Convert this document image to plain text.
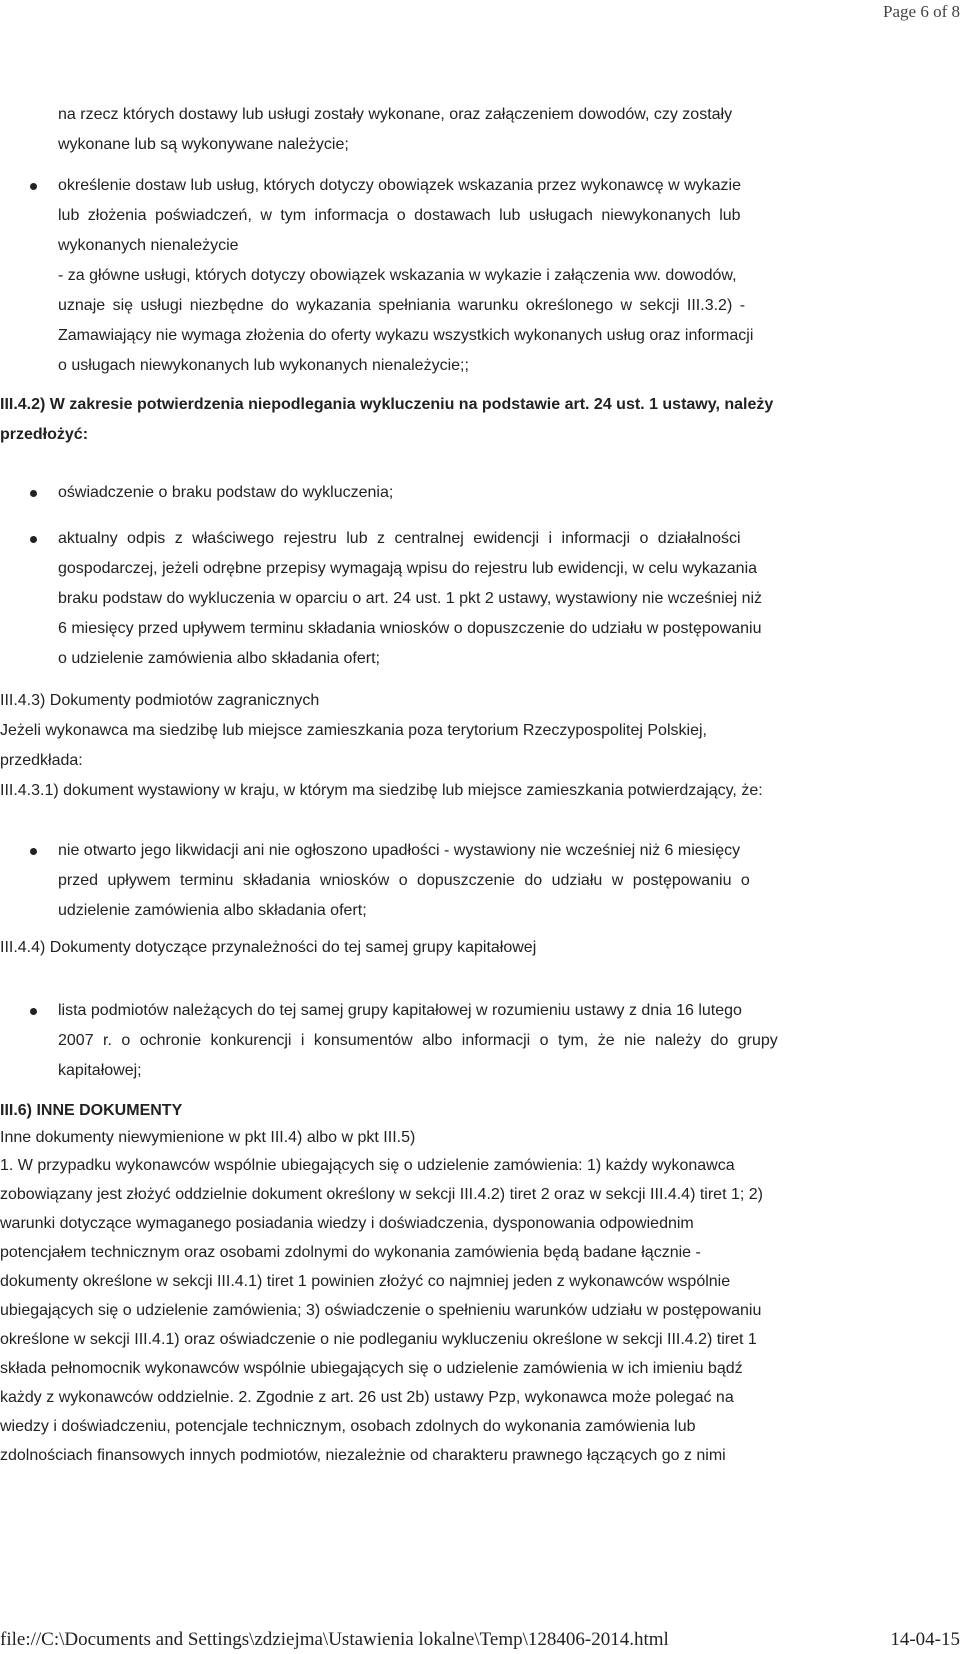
Page 6 of 8
na rzecz których dostawy lub usługi zostały wykonane, oraz załączeniem dowodów, czy zostały
wykonane lub są wykonywane należycie;
określenie dostaw lub usług, których dotyczy obowiązek wskazania przez wykonawcę w wykazie
lub złożenia poświadczeń, w tym informacja o dostawach lub usługach niewykonanych lub
wykonanych nienależycie
- za główne usługi, których dotyczy obowiązek wskazania w wykazie i załączenia ww. dowodów,
uznaje się usługi niezbędne do wykazania spełniania warunku określonego w sekcji III.3.2) -
Zamawiający nie wymaga złożenia do oferty wykazu wszystkich wykonanych usług oraz informacji
o usługach niewykonanych lub wykonanych nienależycie;;
III.4.2) W zakresie potwierdzenia niepodlegania wykluczeniu na podstawie art. 24 ust. 1 ustawy, należy
przedłożyć:
oświadczenie o braku podstaw do wykluczenia;
aktualny odpis z właściwego rejestru lub z centralnej ewidencji i informacji o działalności
gospodarczej, jeżeli odrębne przepisy wymagają wpisu do rejestru lub ewidencji, w celu wykazania
braku podstaw do wykluczenia w oparciu o art. 24 ust. 1 pkt 2 ustawy, wystawiony nie wcześniej niż
6 miesięcy przed upływem terminu składania wniosków o dopuszczenie do udziału w postępowaniu
o udzielenie zamówienia albo składania ofert;
III.4.3) Dokumenty podmiotów zagranicznych
Jeżeli wykonawca ma siedzibę lub miejsce zamieszkania poza terytorium Rzeczypospolitej Polskiej,
przedkłada:
III.4.3.1) dokument wystawiony w kraju, w którym ma siedzibę lub miejsce zamieszkania potwierdzający, że:
nie otwarto jego likwidacji ani nie ogłoszono upadłości - wystawiony nie wcześniej niż 6 miesięcy
przed upływem terminu składania wniosków o dopuszczenie do udziału w postępowaniu o
udzielenie zamówienia albo składania ofert;
III.4.4) Dokumenty dotyczące przynależności do tej samej grupy kapitałowej
lista podmiotów należących do tej samej grupy kapitałowej w rozumieniu ustawy z dnia 16 lutego
2007 r. o ochronie konkurencji i konsumentów albo informacji o tym, że nie należy do grupy
kapitałowej;
III.6) INNE DOKUMENTY
Inne dokumenty niewymienione w pkt III.4) albo w pkt III.5)
1. W przypadku wykonawców wspólnie ubiegających się o udzielenie zamówienia: 1) każdy wykonawca
zobowiązany jest złożyć oddzielnie dokument określony w sekcji III.4.2) tiret 2 oraz w sekcji III.4.4) tiret 1; 2)
warunki dotyczące wymaganego posiadania wiedzy i doświadczenia, dysponowania odpowiednim
potencjałem technicznym oraz osobami zdolnymi do wykonania zamówienia będą badane łącznie -
dokumenty określone w sekcji III.4.1) tiret 1 powinien złożyć co najmniej jeden z wykonawców wspólnie
ubiegających się o udzielenie zamówienia; 3) oświadczenie o spełnieniu warunków udziału w postępowaniu
określone w sekcji III.4.1) oraz oświadczenie o nie podleganiu wykluczeniu określone w sekcji III.4.2) tiret 1
składa pełnomocnik wykonawców wspólnie ubiegających się o udzielenie zamówienia w ich imieniu bądź
każdy z wykonawców oddzielnie. 2. Zgodnie z art. 26 ust 2b) ustawy Pzp, wykonawca może polegać na
wiedzy i doświadczeniu, potencjale technicznym, osobach zdolnych do wykonania zamówienia lub
zdolnościach finansowych innych podmiotów, niezależnie od charakteru prawnego łączących go z nimi
file://C:\Documents and Settings\zdziejma\Ustawienia lokalne\Temp\128406-2014.html	14-04-15
